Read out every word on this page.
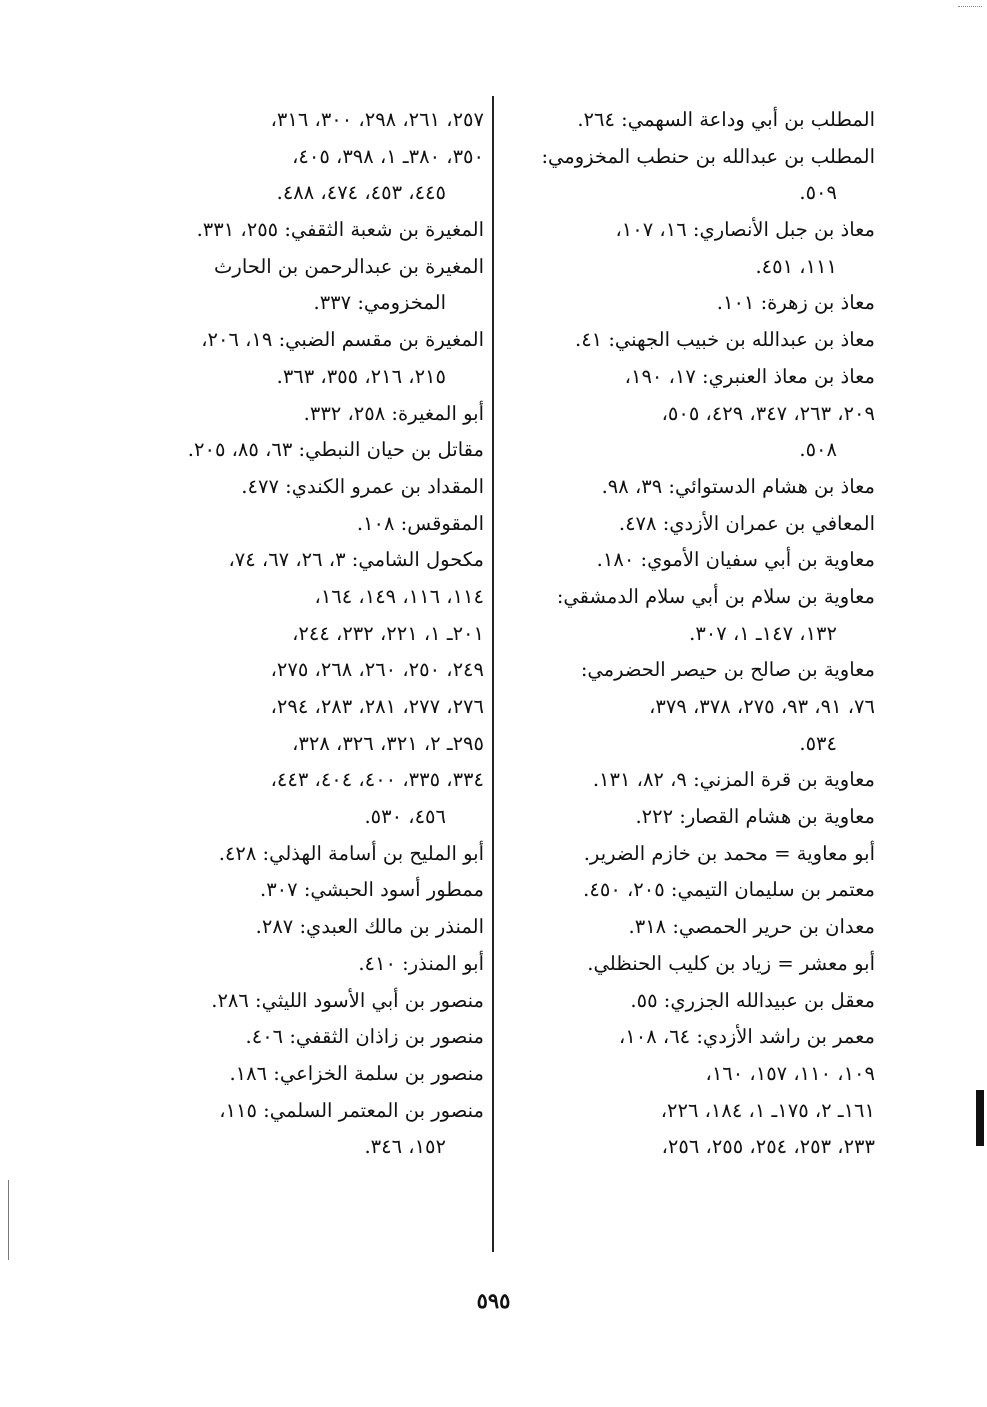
المطلب بن أبي وداعة السهمي: ٢٦٤.
المطلب بن عبدالله بن حنطب المخزومي:
٥٠٩.
معاذ بن جبل الأنصاري: ١٦، ١٠٧،
١١١، ٤٥١.
معاذ بن زهرة: ١٠١.
معاذ بن عبدالله بن خبيب الجهني: ٤١.
معاذ بن معاذ العنبري: ١٧، ١٩٠،
٢٠٩، ٢٦٣، ٣٤٧، ٤٢٩، ٥٠٥،
٥٠٨.
معاذ بن هشام الدستوائي: ٣٩، ٩٨.
المعافي بن عمران الأزدي: ٤٧٨.
معاوية بن أبي سفيان الأموي: ١٨٠.
معاوية بن سلام بن أبي سلام الدمشقي:
١٣٢، ١٤٧ـ ١، ٣٠٧.
معاوية بن صالح بن حيصر الحضرمي:
٧٦، ٩١، ٩٣، ٢٧٥، ٣٧٨، ٣٧٩،
٥٣٤.
معاوية بن قرة المزني: ٩، ٨٢، ١٣١.
معاوية بن هشام القصار: ٢٢٢.
أبو معاوية = محمد بن خازم الضرير.
معتمر بن سليمان التيمي: ٢٠٥، ٤٥٠.
معدان بن حرير الحمصي: ٣١٨.
أبو معشر = زياد بن كليب الحنظلي.
معقل بن عبيدالله الجزري: ٥٥.
معمر بن راشد الأزدي: ٦٤، ١٠٨،
١٠٩، ١١٠، ١٥٧، ١٦٠،
١٦١ـ ٢، ١٧٥ـ ١، ١٨٤، ٢٢٦،
٢٣٣، ٢٥٣، ٢٥٤، ٢٥٥، ٢٥٦،
٢٥٧، ٢٦١، ٢٩٨، ٣٠٠، ٣١٦،
٣٥٠، ٣٨٠ـ ١، ٣٩٨، ٤٠٥،
٤٤٥، ٤٥٣، ٤٧٤، ٤٨٨.
المغيرة بن شعبة الثقفي: ٢٥٥، ٣٣١.
المغيرة بن عبدالرحمن بن الحارث
المخزومي: ٣٣٧.
المغيرة بن مقسم الضبي: ١٩، ٢٠٦،
٢١٥، ٢١٦، ٣٥٥، ٣٦٣.
أبو المغيرة: ٢٥٨، ٣٣٢.
مقاتل بن حيان النبطي: ٦٣، ٨٥، ٢٠٥.
المقداد بن عمرو الكندي: ٤٧٧.
المقوقس: ١٠٨.
مكحول الشامي: ٣، ٢٦، ٦٧، ٧٤،
١١٤، ١١٦، ١٤٩، ١٦٤،
٢٠١ـ ١، ٢٢١، ٢٣٢، ٢٤٤،
٢٤٩، ٢٥٠، ٢٦٠، ٢٦٨، ٢٧٥،
٢٧٦، ٢٧٧، ٢٨١، ٢٨٣، ٢٩٤،
٢٩٥ـ ٢، ٣٢١، ٣٢٦، ٣٢٨،
٣٣٤، ٣٣٥، ٤٠٠، ٤٠٤، ٤٤٣،
٤٥٦، ٥٣٠.
أبو المليح بن أسامة الهذلي: ٤٢٨.
ممطور أسود الحبشي: ٣٠٧.
المنذر بن مالك العبدي: ٢٨٧.
أبو المنذر: ٤١٠.
منصور بن أبي الأسود الليثي: ٢٨٦.
منصور بن زاذان الثقفي: ٤٠٦.
منصور بن سلمة الخزاعي: ١٨٦.
منصور بن المعتمر السلمي: ١١٥،
١٥٢، ٣٤٦.
٥٩٥
